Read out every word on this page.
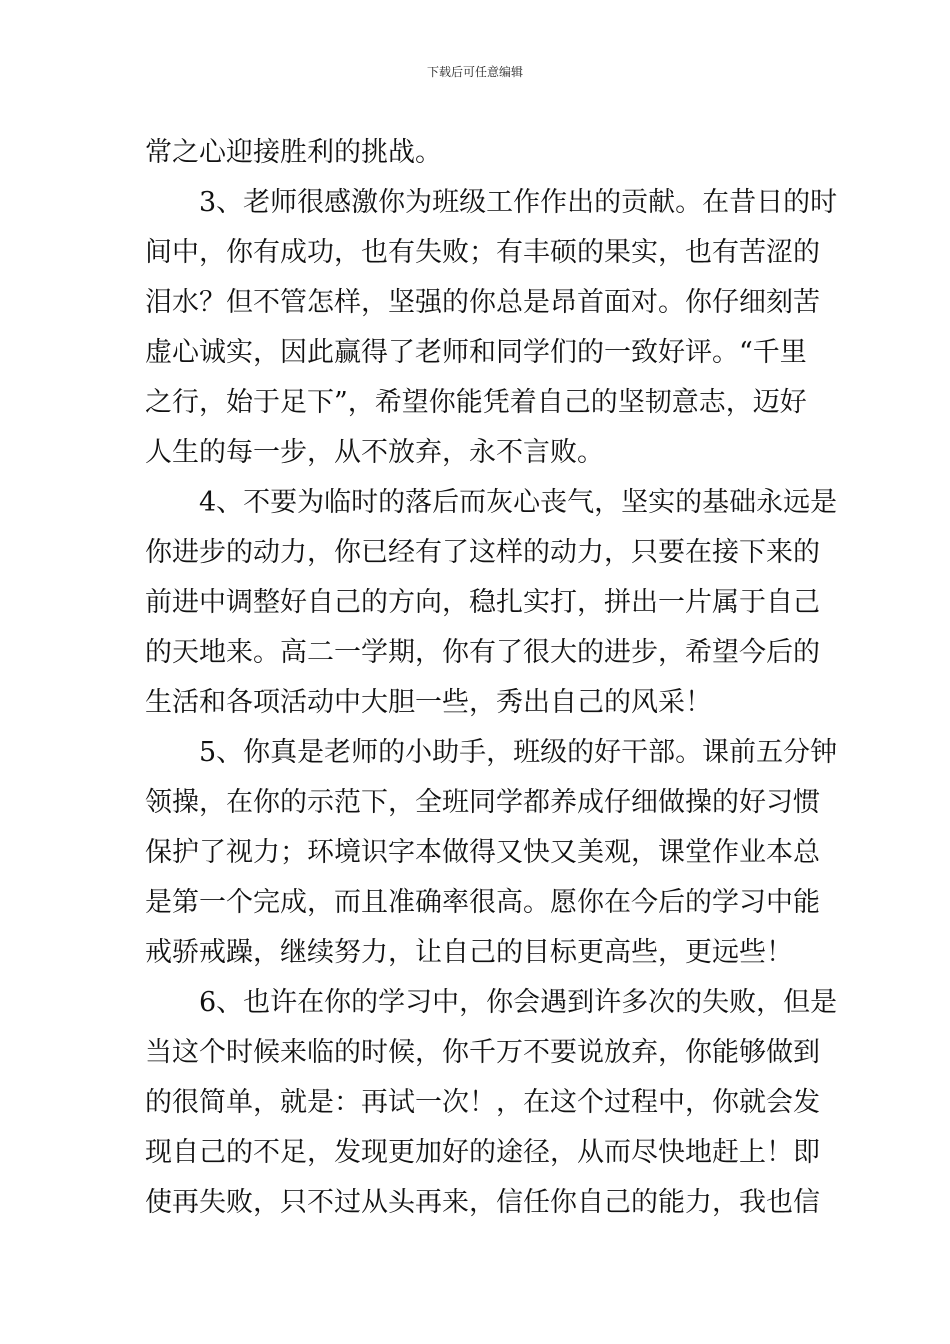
下载后可任意编辑
常之心迎接胜利的挑战。
3、老师很感激你为班级工作作出的贡献。在昔日的时
间中，你有成功，也有失败；有丰硕的果实，也有苦涩的
泪水？但不管怎样，坚强的你总是昂首面对。你仔细刻苦
虚心诚实，因此赢得了老师和同学们的一致好评。“千里
之行，始于足下”，希望你能凭着自己的坚韧意志，迈好
人生的每一步，从不放弃，永不言败。
4、不要为临时的落后而灰心丧气，坚实的基础永远是
你进步的动力，你已经有了这样的动力，只要在接下来的
前进中调整好自己的方向，稳扎实打，拼出一片属于自己
的天地来。高二一学期，你有了很大的进步，希望今后的
生活和各项活动中大胆一些，秀出自己的风采！
5、你真是老师的小助手，班级的好干部。课前五分钟
领操，在你的示范下，全班同学都养成仔细做操的好习惯
保护了视力；环境识字本做得又快又美观，课堂作业本总
是第一个完成，而且准确率很高。愿你在今后的学习中能
戒骄戒躁，继续努力，让自己的目标更高些，更远些！
6、也许在你的学习中，你会遇到许多次的失败，但是
当这个时候来临的时候，你千万不要说放弃，你能够做到
的很简单，就是：再试一次！，在这个过程中，你就会发
现自己的不足，发现更加好的途径，从而尽快地赶上！即
使再失败，只不过从头再来，信任你自己的能力，我也信
